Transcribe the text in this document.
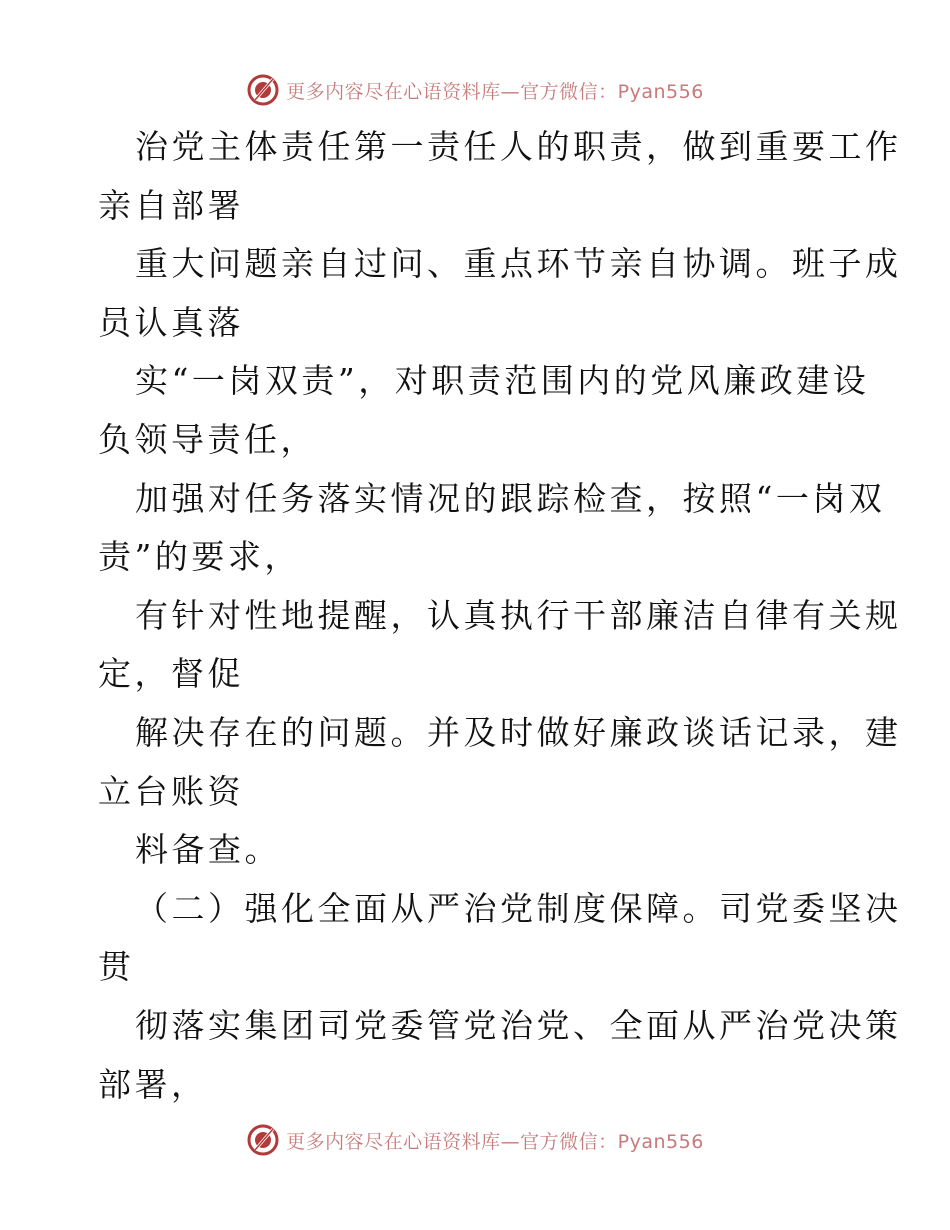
更多内容尽在心语资料库—官方微信：Pyan556
治党主体责任第一责任人的职责，做到重要工作
亲自部署
重大问题亲自过问、重点环节亲自协调。班子成
员认真落
实“一岗双责”，对职责范围内的党风廉政建设
负领导责任，
加强对任务落实情况的跟踪检查，按照“一岗双
责”的要求，
有针对性地提醒，认真执行干部廉洁自律有关规
定，督促
解决存在的问题。并及时做好廉政谈话记录，建
立台账资
料备查。
（二）强化全面从严治党制度保障。司党委坚决
贯
彻落实集团司党委管党治党、全面从严治党决策
部署，
更多内容尽在心语资料库—官方微信：Pyan556
